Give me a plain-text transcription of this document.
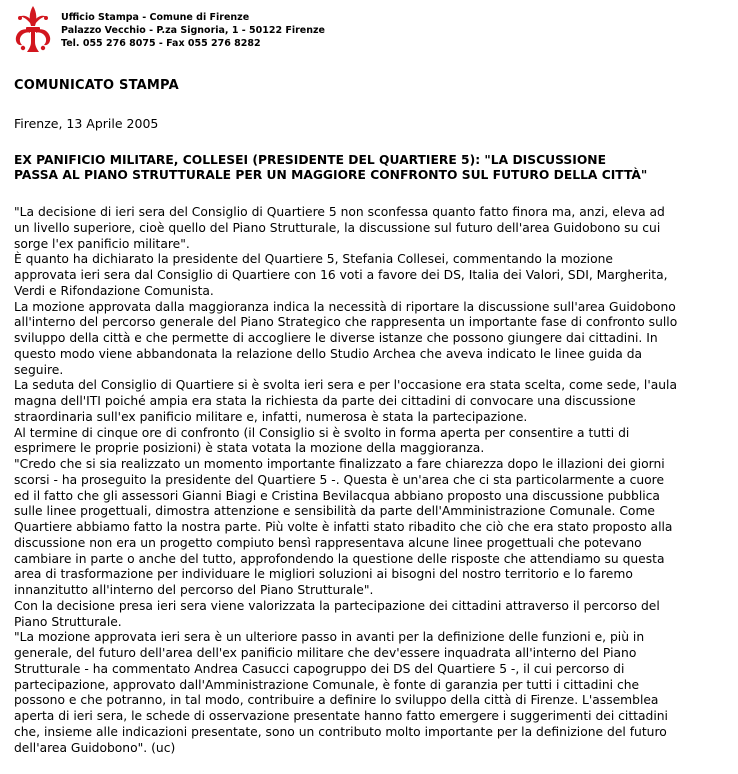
Ufficio Stampa - Comune di Firenze
Palazzo Vecchio - P.za Signoria, 1 - 50122 Firenze
Tel. 055 276 8075 - Fax 055 276 8282
COMUNICATO STAMPA
Firenze, 13 Aprile 2005
EX PANIFICIO MILITARE, COLLESEI (PRESIDENTE DEL QUARTIERE 5): "LA DISCUSSIONE
PASSA AL PIANO STRUTTURALE PER UN MAGGIORE CONFRONTO SUL FUTURO DELLA CITTÀ"
"La decisione di ieri sera del Consiglio di Quartiere 5 non sconfessa quanto fatto finora ma, anzi, eleva ad
un livello superiore, cioè quello del Piano Strutturale, la discussione sul futuro dell'area Guidobono su cui
sorge l'ex panificio militare".
È quanto ha dichiarato la presidente del Quartiere 5, Stefania Collesei, commentando la mozione
approvata ieri sera dal Consiglio di Quartiere con 16 voti a favore dei DS, Italia dei Valori, SDI, Margherita,
Verdi e Rifondazione Comunista.
La mozione approvata dalla maggioranza indica la necessità di riportare la discussione sull'area Guidobono
all'interno del percorso generale del Piano Strategico che rappresenta un importante fase di confronto sullo
sviluppo della città e che permette di accogliere le diverse istanze che possono giungere dai cittadini. In
questo modo viene abbandonata la relazione dello Studio Archea che aveva indicato le linee guida da
seguire.
La seduta del Consiglio di Quartiere si è svolta ieri sera e per l'occasione era stata scelta, come sede, l'aula
magna dell'ITI poiché ampia era stata la richiesta da parte dei cittadini di convocare una discussione
straordinaria sull'ex panificio militare e, infatti, numerosa è stata la partecipazione.
Al termine di cinque ore di confronto (il Consiglio si è svolto in forma aperta per consentire a tutti di
esprimere le proprie posizioni) è stata votata la mozione della maggioranza.
"Credo che si sia realizzato un momento importante finalizzato a fare chiarezza dopo le illazioni dei giorni
scorsi - ha proseguito la presidente del Quartiere 5 -. Questa è un'area che ci sta particolarmente a cuore
ed il fatto che gli assessori Gianni Biagi e Cristina Bevilacqua abbiano proposto una discussione pubblica
sulle linee progettuali, dimostra attenzione e sensibilità da parte dell'Amministrazione Comunale. Come
Quartiere abbiamo fatto la nostra parte. Più volte è infatti stato ribadito che ciò che era stato proposto alla
discussione non era un progetto compiuto bensì rappresentava alcune linee progettuali che potevano
cambiare in parte o anche del tutto, approfondendo la questione delle risposte che attendiamo su questa
area di trasformazione per individuare le migliori soluzioni ai bisogni del nostro territorio e lo faremo
innanzitutto all'interno del percorso del Piano Strutturale".
Con la decisione presa ieri sera viene valorizzata la partecipazione dei cittadini attraverso il percorso del
Piano Strutturale.
"La mozione approvata ieri sera è un ulteriore passo in avanti per la definizione delle funzioni e, più in
generale, del futuro dell'area dell'ex panificio militare che dev'essere inquadrata all'interno del Piano
Strutturale - ha commentato Andrea Casucci capogruppo dei DS del Quartiere 5 -, il cui percorso di
partecipazione, approvato dall'Amministrazione Comunale, è fonte di garanzia per tutti i cittadini che
possono e che potranno, in tal modo, contribuire a definire lo sviluppo della città di Firenze. L'assemblea
aperta di ieri sera, le schede di osservazione presentate hanno fatto emergere i suggerimenti dei cittadini
che, insieme alle indicazioni presentate, sono un contributo molto importante per la definizione del futuro
dell'area Guidobono". (uc)
